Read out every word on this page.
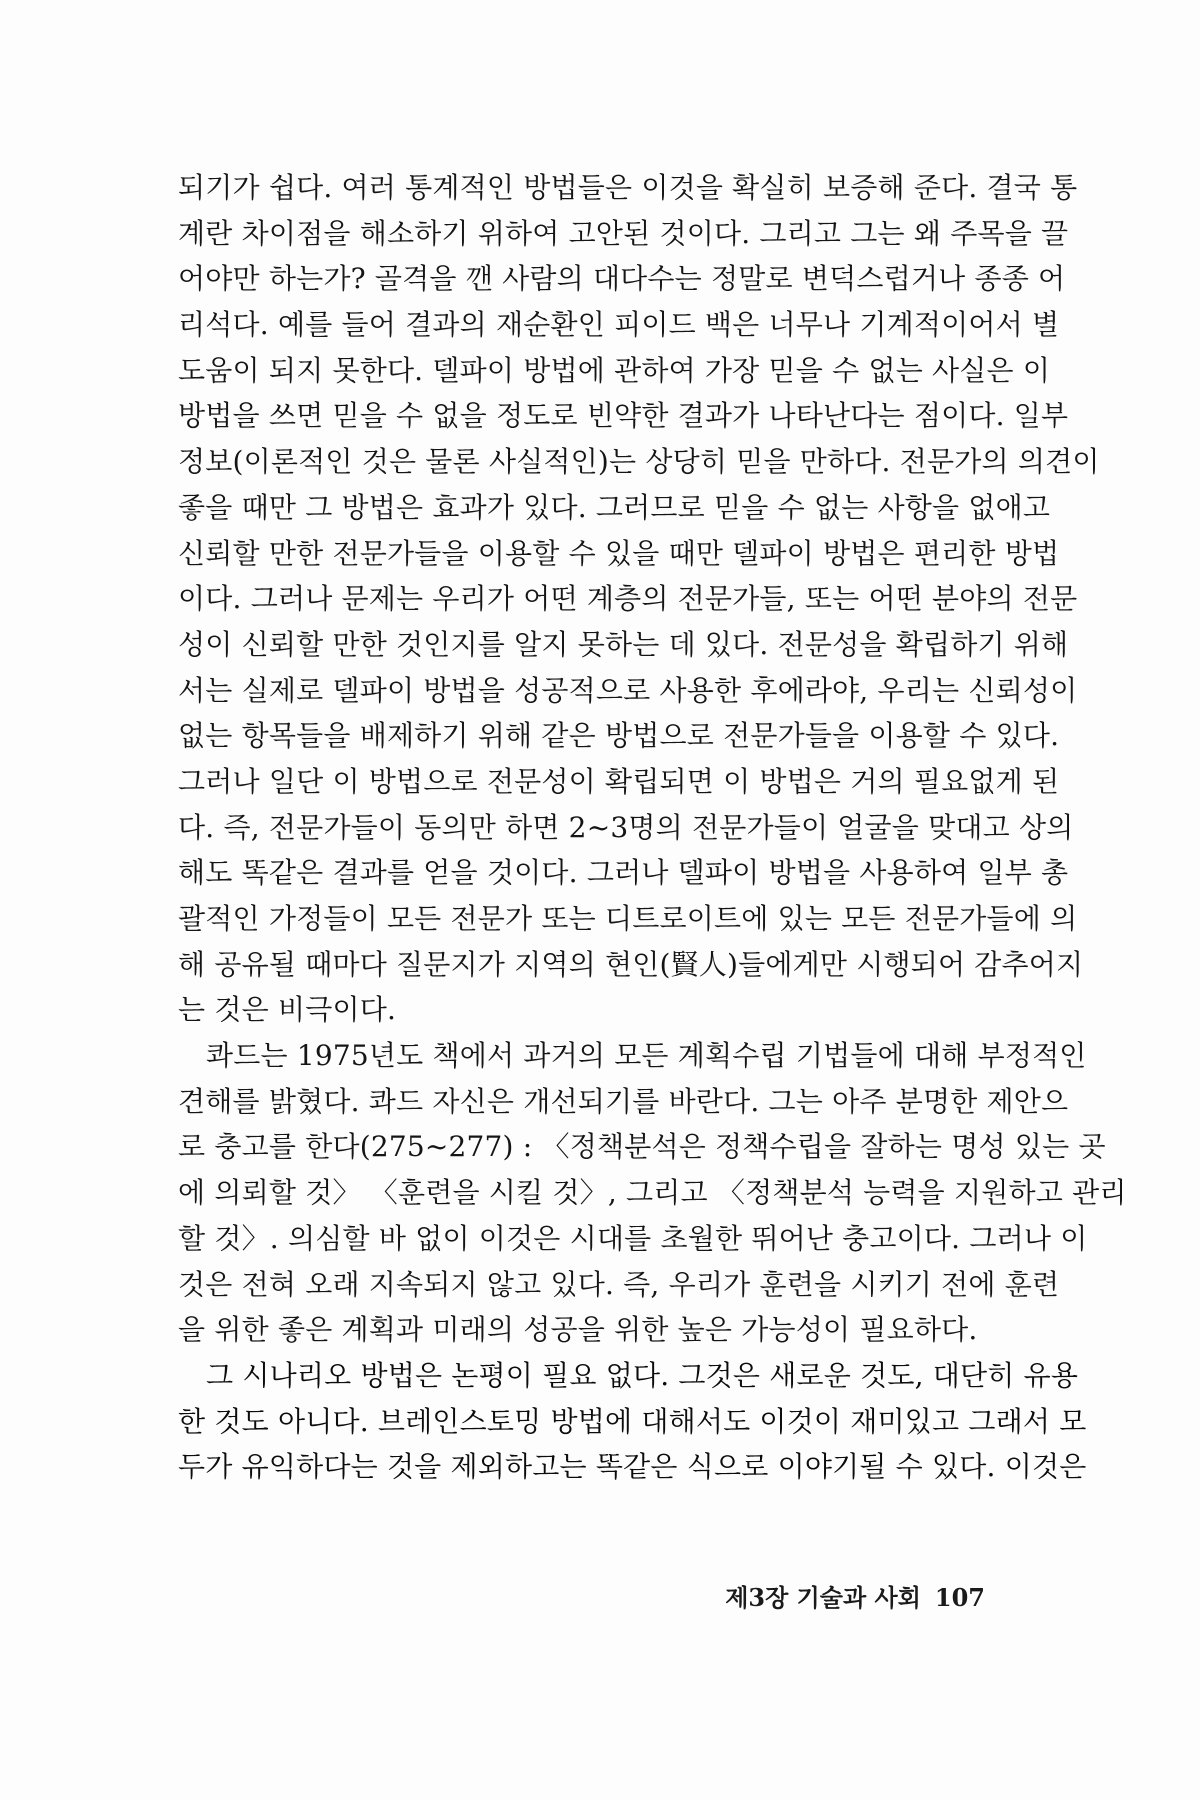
되기가 쉽다. 여러 통계적인 방법들은 이것을 확실히 보증해 준다. 결국 통
계란 차이점을 해소하기 위하여 고안된 것이다. 그리고 그는 왜 주목을 끌
어야만 하는가? 골격을 깬 사람의 대다수는 정말로 변덕스럽거나 종종 어
리석다. 예를 들어 결과의 재순환인 피이드 백은 너무나 기계적이어서 별
도움이 되지 못한다. 델파이 방법에 관하여 가장 믿을 수 없는 사실은 이
방법을 쓰면 믿을 수 없을 정도로 빈약한 결과가 나타난다는 점이다. 일부
정보(이론적인 것은 물론 사실적인)는 상당히 믿을 만하다. 전문가의 의견이
좋을 때만 그 방법은 효과가 있다. 그러므로 믿을 수 없는 사항을 없애고
신뢰할 만한 전문가들을 이용할 수 있을 때만 델파이 방법은 편리한 방법
이다. 그러나 문제는 우리가 어떤 계층의 전문가들, 또는 어떤 분야의 전문
성이 신뢰할 만한 것인지를 알지 못하는 데 있다. 전문성을 확립하기 위해
서는 실제로 델파이 방법을 성공적으로 사용한 후에라야, 우리는 신뢰성이
없는 항목들을 배제하기 위해 같은 방법으로 전문가들을 이용할 수 있다.
그러나 일단 이 방법으로 전문성이 확립되면 이 방법은 거의 필요없게 된
다. 즉, 전문가들이 동의만 하면 2~3명의 전문가들이 얼굴을 맞대고 상의
해도 똑같은 결과를 얻을 것이다. 그러나 델파이 방법을 사용하여 일부 총
괄적인 가정들이 모든 전문가 또는 디트로이트에 있는 모든 전문가들에 의
해 공유될 때마다 질문지가 지역의 현인(賢人)들에게만 시행되어 감추어지
는 것은 비극이다.
콰드는 1975년도 책에서 과거의 모든 계획수립 기법들에 대해 부정적인
견해를 밝혔다. 콰드 자신은 개선되기를 바란다. 그는 아주 분명한 제안으
로 충고를 한다(275~277) : 〈정책분석은 정책수립을 잘하는 명성 있는 곳
에 의뢰할 것〉 〈훈련을 시킬 것〉, 그리고 〈정책분석 능력을 지원하고 관리
할 것〉. 의심할 바 없이 이것은 시대를 초월한 뛰어난 충고이다. 그러나 이
것은 전혀 오래 지속되지 않고 있다. 즉, 우리가 훈련을 시키기 전에 훈련
을 위한 좋은 계획과 미래의 성공을 위한 높은 가능성이 필요하다.
그 시나리오 방법은 논평이 필요 없다. 그것은 새로운 것도, 대단히 유용
한 것도 아니다. 브레인스토밍 방법에 대해서도 이것이 재미있고 그래서 모
두가 유익하다는 것을 제외하고는 똑같은 식으로 이야기될 수 있다. 이것은
제3장 기술과 사회 107
